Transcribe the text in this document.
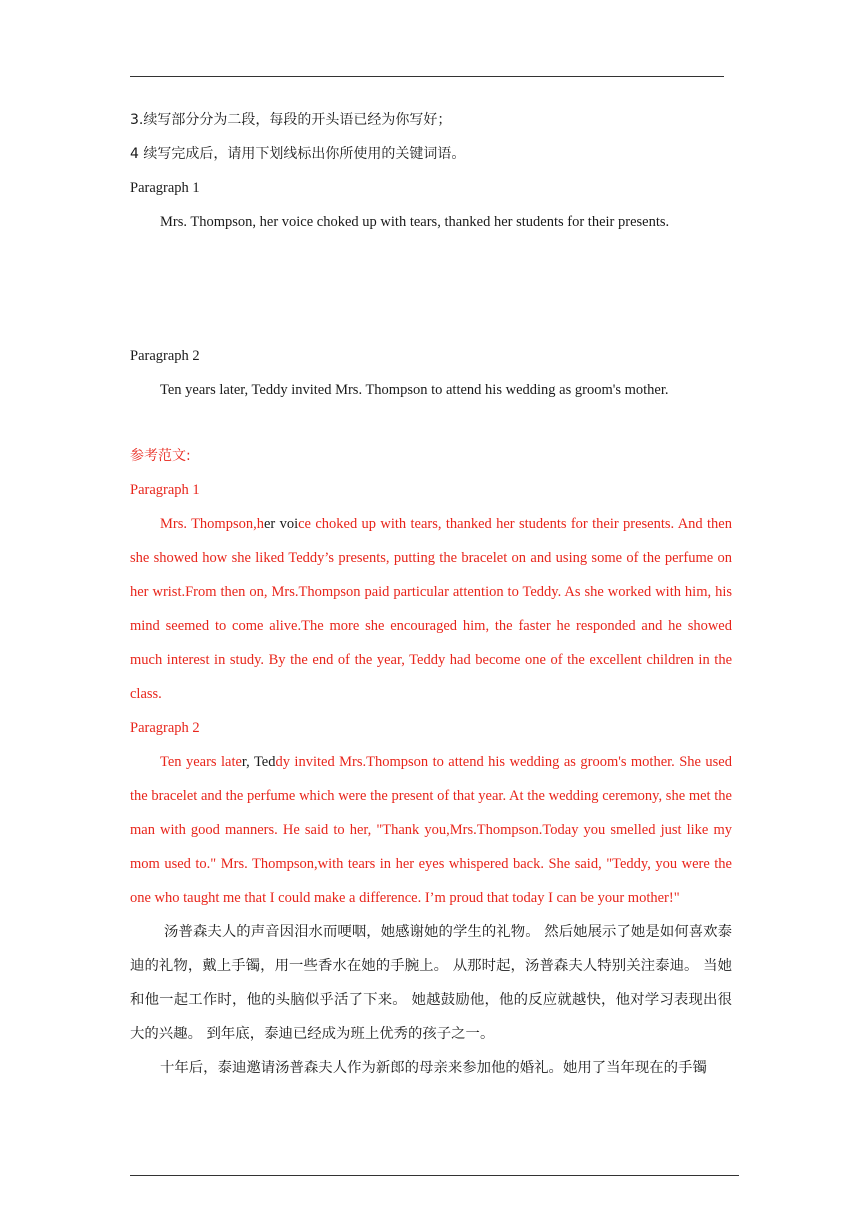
3.续写部分分为二段，每段的开头语已经为你写好；
4 续写完成后，请用下划线标出你所使用的关键词语。
Paragraph 1
Mrs. Thompson, her voice choked up with tears, thanked her students for their presents.
Paragraph 2
Ten years later, Teddy invited Mrs. Thompson to attend his wedding as groom's mother.
参考范文:
Paragraph 1
Mrs. Thompson,her voice choked up with tears, thanked her students for their presents. And then she showed how she liked Teddy’s presents, putting the bracelet on and using some of the perfume on her wrist.From then on, Mrs.Thompson paid particular attention to Teddy. As she worked with him, his mind seemed to come alive.The more she encouraged him, the faster he responded and he showed much interest in study. By the end of the year, Teddy had become one of the excellent children in the class.
Paragraph 2
Ten years later, Teddy invited Mrs.Thompson to attend his wedding as groom's mother. She used the bracelet and the perfume which were the present of that year. At the wedding ceremony, she met the man with good manners. He said to her, "Thank you,Mrs.Thompson.Today you smelled just like my mom used to." Mrs. Thompson,with tears in her eyes whispered back. She said, "Teddy, you were the one who taught me that I could make a difference. I’m proud that today I can be your mother!"
汤普森夫人的声音因泪水而哽咽，她感谢她的学生的礼物。 然后她展示了她是如何喜欢泰迪的礼物，戴上手镯，用一些香水在她的手腕上。 从那时起，汤普森夫人特别关注泰迪。 当她和他一起工作时，他的头脑似乎活了下来。 她越鼓励他，他的反应就越快，他对学习表现出很大的兴趣。 到年底，泰迪已经成为班上优秀的孩子之一。
十年后，泰迪邀请汤普森夫人作为新郎的母亲来参加他的婚礼。她用了当年现在的手镯
